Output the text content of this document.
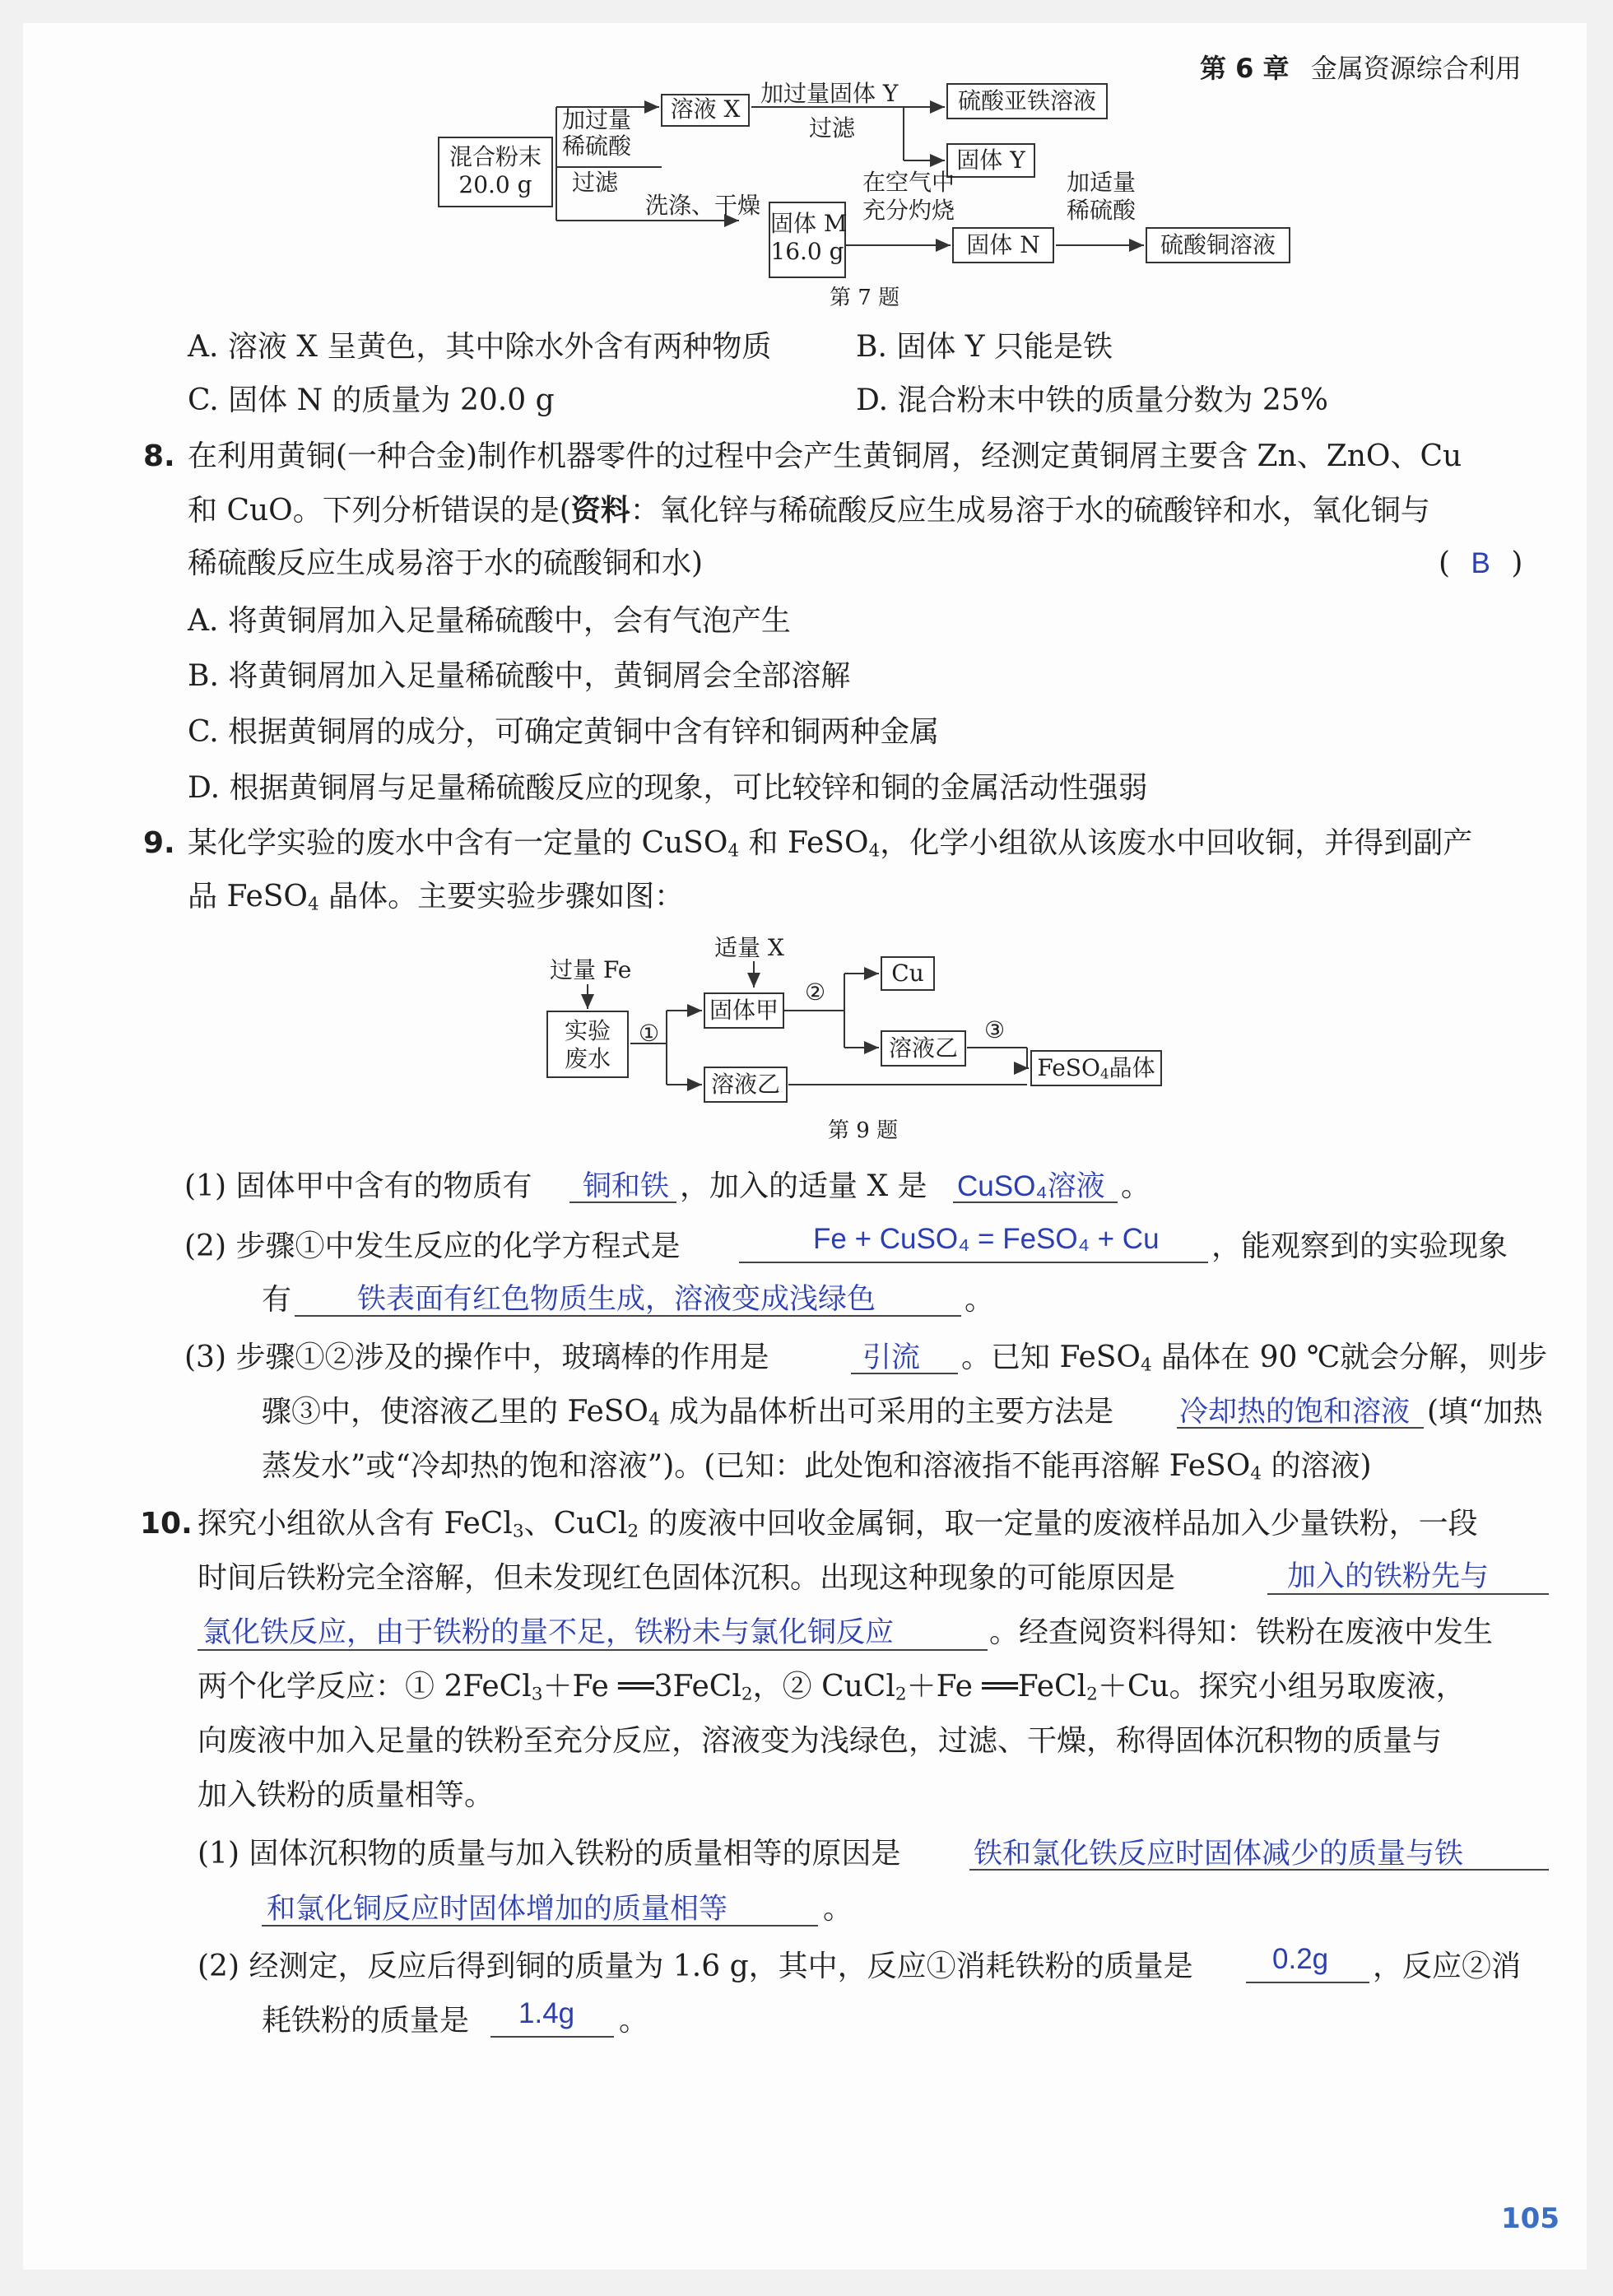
第 6 章 金属资源综合利用
混合粉末
20.0 g
溶液 X	硫酸亚铁溶液
固体 Y
固体 M
16.0 g	固体 N	硫酸铜溶液
加过量
稀硫酸
过滤
加过量固体 Y
过滤
洗涤、干燥
在空气中
充分灼烧
加适量
稀硫酸
第 7 题
A. 溶液 X 呈黄色，其中除水外含有两种物质	B. 固体 Y 只能是铁
C. 固体 N 的质量为 20.0 g	D. 混合粉末中铁的质量分数为 25%
8. 在利用黄铜(一种合金)制作机器零件的过程中会产生黄铜屑，经测定黄铜屑主要含 Zn、ZnO、Cu
和 CuO。下列分析错误的是(资料：氧化锌与稀硫酸反应生成易溶于水的硫酸锌和水，氧化铜与
稀硫酸反应生成易溶于水的硫酸铜和水)	( B )
A. 将黄铜屑加入足量稀硫酸中，会有气泡产生
B. 将黄铜屑加入足量稀硫酸中，黄铜屑会全部溶解
C. 根据黄铜屑的成分，可确定黄铜中含有锌和铜两种金属
D. 根据黄铜屑与足量稀硫酸反应的现象，可比较锌和铜的金属活动性强弱
9. 某化学实验的废水中含有一定量的 CuSO$_4$ 和 FeSO$_4$，化学小组欲从该废水中回收铜，并得到副产
品 FeSO$_4$ 晶体。主要实验步骤如图：
实验
废水
固体甲
Cu
溶液乙
溶液乙
FeSO$_4$晶体
过量 Fe
适量 X
①
②
③
第 9 题
(1) 固体甲中含有的物质有 铜和铁 ，加入的适量 X 是 CuSO₄溶液 。
(2) 步骤①中发生反应的化学方程式是	Fe + CuSO₄ = FeSO₄ + Cu ，能观察到的实验现象
有 铁表面有红色物质生成，溶液变成浅绿色	。
(3) 步骤①②涉及的操作中，玻璃棒的作用是	引流 。已知 FeSO$_4$ 晶体在 90 ℃就会分解，则步
骤③中，使溶液乙里的 FeSO$_4$ 成为晶体析出可采用的主要方法是 冷却热的饱和溶液 (填“加热
蒸发水”或“冷却热的饱和溶液”)。(已知：此处饱和溶液指不能再溶解 FeSO$_4$ 的溶液)
10. 探究小组欲从含有 FeCl$_3$、CuCl$_2$ 的废液中回收金属铜，取一定量的废液样品加入少量铁粉，一段
时间后铁粉完全溶解，但未发现红色固体沉积。出现这种现象的可能原因是	加入的铁粉先与
氯化铁反应，由于铁粉的量不足，铁粉未与氯化铜反应	。经查阅资料得知：铁粉在废液中发生
两个化学反应：① 2FeCl$_3$＋Fe ══3FeCl$_2$，② CuCl$_2$＋Fe ══FeCl$_2$＋Cu。探究小组另取废液，
向废液中加入足量的铁粉至充分反应，溶液变为浅绿色，过滤、干燥，称得固体沉积物的质量与
加入铁粉的质量相等。
(1) 固体沉积物的质量与加入铁粉的质量相等的原因是	铁和氯化铁反应时固体减少的质量与铁
和氯化铜反应时固体增加的质量相等	。
(2) 经测定，反应后得到铜的质量为 1.6 g，其中，反应①消耗铁粉的质量是	0.2g ，反应②消
耗铁粉的质量是 1.4g 。
105
